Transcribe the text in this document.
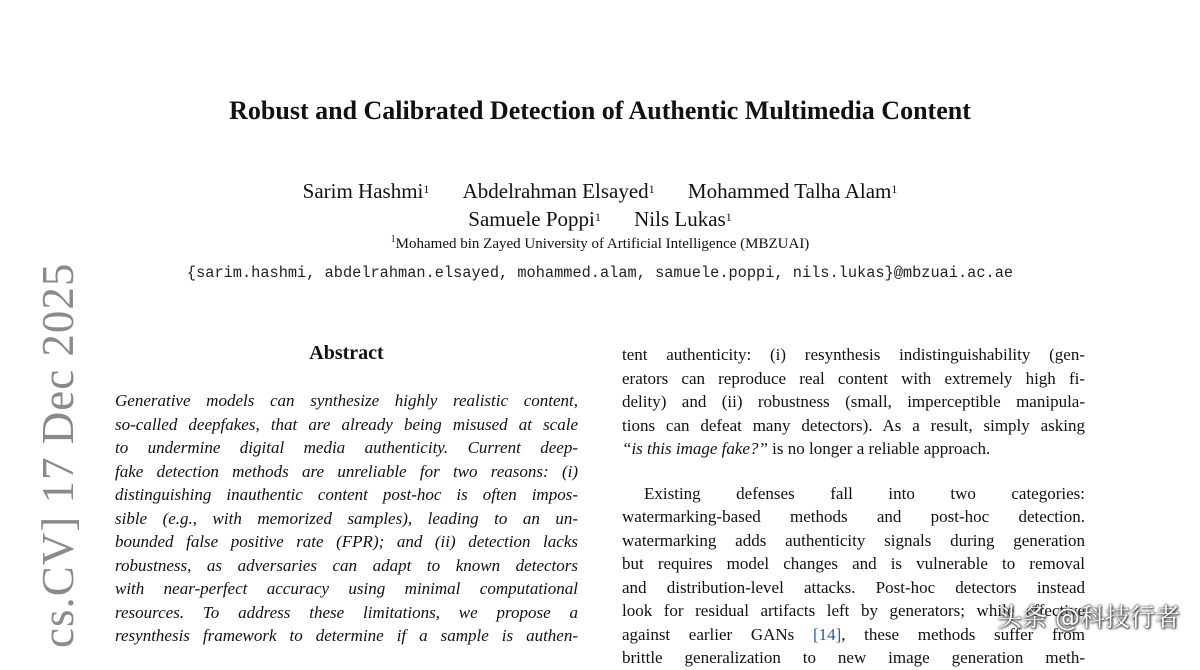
cs.CV] 17 Dec 2025
Robust and Calibrated Detection of Authentic Multimedia Content
Sarim Hashmi$^1$ Abdelrahman Elsayed$^1$ Mohammed Talha Alam$^1$
Samuele Poppi$^1$ Nils Lukas$^1$
$^1$Mohamed bin Zayed University of Artificial Intelligence (MBZUAI)
{sarim.hashmi, abdelrahman.elsayed, mohammed.alam, samuele.poppi, nils.lukas}@mbzuai.ac.ae
Abstract
Generative models can synthesize highly realistic content,
so-called deepfakes, that are already being misused at scale
to undermine digital media authenticity. Current deep-
fake detection methods are unreliable for two reasons: (i)
distinguishing inauthentic content post-hoc is often impos-
sible (e.g., with memorized samples), leading to an un-
bounded false positive rate (FPR); and (ii) detection lacks
robustness, as adversaries can adapt to known detectors
with near-perfect accuracy using minimal computational
resources. To address these limitations, we propose a
resynthesis framework to determine if a sample is authen-
tent authenticity: (i) resynthesis indistinguishability (gen-
erators can reproduce real content with extremely high fi-
delity) and (ii) robustness (small, imperceptible manipula-
tions can defeat many detectors). As a result, simply asking
“is this image fake?” is no longer a reliable approach.
Existing defenses fall into two categories:
watermarking-based methods and post-hoc detection.
watermarking adds authenticity signals during generation
but requires model changes and is vulnerable to removal
and distribution-level attacks. Post-hoc detectors instead
look for residual artifacts left by generators; while effective
against earlier GANs [14], these methods suffer from
brittle generalization to new image generation meth-
头条 @科技行者
